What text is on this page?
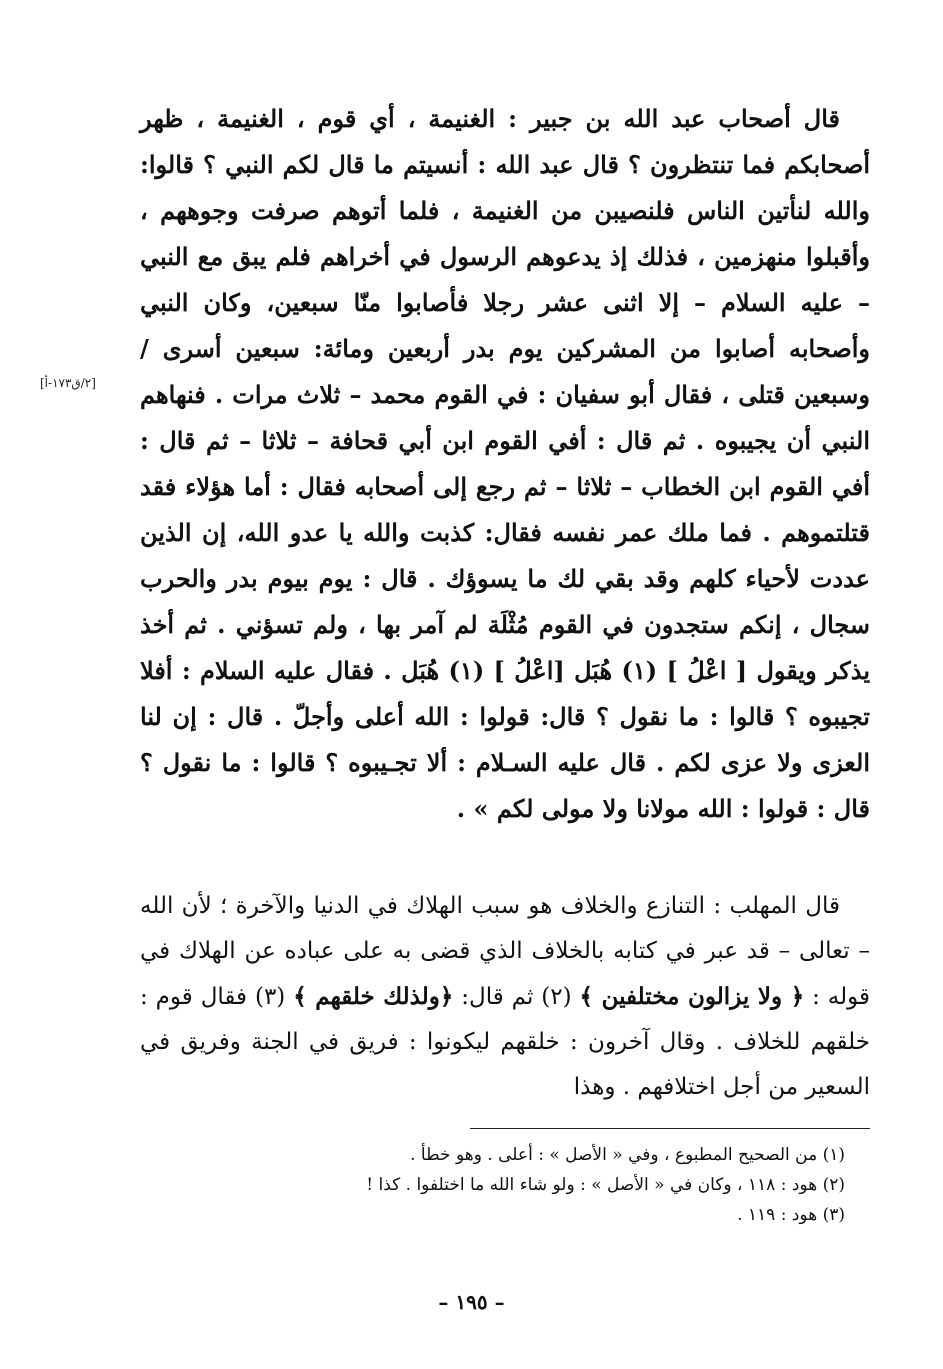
قال أصحاب عبد الله بن جبير : الغنيمة ، أي قوم ، الغنيمة ، ظهر أصحابكم فما تنتظرون ؟ قال عبد الله : أنسيتم ما قال لكم النبي ؟ قالوا: والله لنأتين الناس فلنصيبن من الغنيمة ، فلما أتوهم صرفت وجوههم ، وأقبلوا منهزمين ، فذلك إذ يدعوهم الرسول في أخراهم فلم يبق مع النبي – عليه السلام – إلا اثنى عشر رجلا فأصابوا منّا سبعين، وكان النبي وأصحابه أصابوا من المشركين يوم بدر أربعين ومائة: سبعين أسرى / وسبعين قتلى ، فقال أبو سفيان : في القوم محمد – ثلاث مرات . فنهاهم النبي أن يجيبوه . ثم قال : أفي القوم ابن أبي قحافة – ثلاثا – ثم قال : أفي القوم ابن الخطاب – ثلاثا – ثم رجع إلى أصحابه فقال : أما هؤلاء فقد قتلتموهم . فما ملك عمر نفسه فقال: كذبت والله يا عدو الله، إن الذين عددت لأحياء كلهم وقد بقي لك ما يسوؤك . قال : يوم بيوم بدر والحرب سجال ، إنكم ستجدون في القوم مُثْلَة لم آمر بها ، ولم تسؤني . ثم أخذ يذكر ويقول [ اعْلُ ] (١) هُبَل [اعْلُ ] (١) هُبَل . فقال عليه السلام : أفلا تجيبوه ؟ قالوا : ما نقول ؟ قال: قولوا : الله أعلى وأجلّ . قال : إن لنا العزى ولا عزى لكم . قال عليه السـلام : ألا تجـيبوه ؟ قالوا : ما نقول ؟ قال : قولوا : الله مولانا ولا مولى لكم » .

[٢/ق١٧٣-أ]

قال المهلب : التنازع والخلاف هو سبب الهلاك في الدنيا والآخرة ؛ لأن الله – تعالى – قد عبر في كتابه بالخلاف الذي قضى به على عباده عن الهلاك في قوله : ﴿ ولا يزالون مختلفين ﴾ (٢) ثم قال: ﴿ولذلك خلقهم ﴾ (٣) فقال قوم : خلقهم للخلاف . وقال آخرون : خلقهم ليكونوا : فريق في الجنة وفريق في السعير من أجل اختلافهم . وهذا

(١) من الصحيح المطبوع ، وفي « الأصل » : أعلى . وهو خطأ .
(٢) هود : ١١٨ ، وكان في « الأصل » : ولو شاء الله ما اختلفوا . كذا !
(٣) هود : ١١٩ .
– ١٩٥ –
